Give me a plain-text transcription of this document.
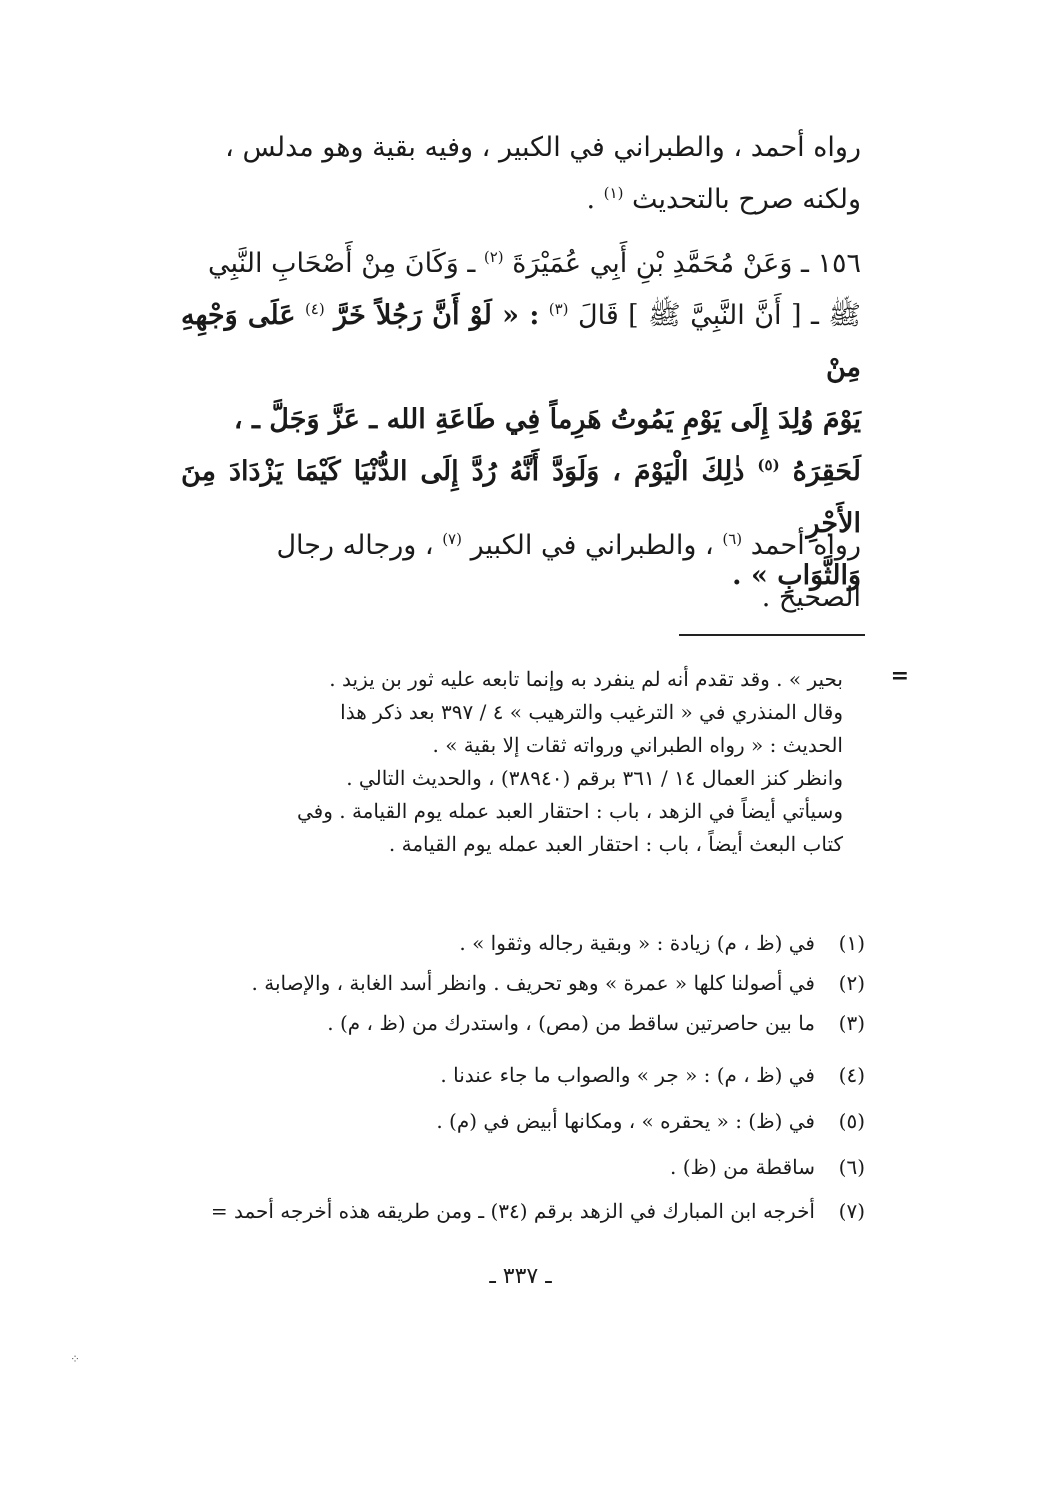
رواه أحمد ، والطبراني في الكبير ، وفيه بقية وهو مدلس ،

ولكنه صرح بالتحديث $^{(١)}$ .

١٥٦ ـ وَعَنْ مُحَمَّدِ بْنِ أَبِي عُمَيْرَةَ $^{(٢)}$ ـ وَكَانَ مِنْ أَصْحَابِ النَّبِي

ﷺ ـ [ أَنَّ النَّبِيَّ ﷺ ] قَالَ $^{(٣)}$ : « لَوْ أَنَّ رَجُلاً خَرَّ $^{(٤)}$ عَلَى وَجْهِهِ مِنْ

يَوْمَ وُلِدَ إِلَى يَوْمِ يَمُوتُ هَرِماً فِي طَاعَةِ الله ـ عَزَّ وَجَلَّ ـ ،

لَحَقِرَهُ $^{(٥)}$ ذٰلِكَ الْيَوْمَ ، وَلَوَدَّ أَنَّهُ رُدَّ إِلَى الدُّنْيَا كَيْمَا يَزْدَادَ مِنَ الأَجْرِ

وَالثَّوَابِ » .

رواه أحمد $^{(٦)}$ ، والطبراني في الكبير $^{(٧)}$ ، ورجاله رجال

الصحيح .

=
بحير » . وقد تقدم أنه لم ينفرد به وإنما تابعه عليه ثور بن يزيد .
وقال المنذري في « الترغيب والترهيب » ٤ / ٣٩٧ بعد ذكر هذا
الحديث : « رواه الطبراني ورواته ثقات إلا بقية » .
وانظر كنز العمال ١٤ / ٣٦١ برقم (٣٨٩٤٠) ، والحديث التالي .
وسيأتي أيضاً في الزهد ، باب : احتقار العبد عمله يوم القيامة . وفي
كتاب البعث أيضاً ، باب : احتقار العبد عمله يوم القيامة .
(١)
في (ظ ، م) زيادة : « وبقية رجاله وثقوا » .
(٢)
في أصولنا كلها « عمرة » وهو تحريف . وانظر أسد الغابة ، والإصابة .
(٣)
ما بين حاصرتين ساقط من (مص) ، واستدرك من (ظ ، م) .
(٤)
في (ظ ، م) : « جر » والصواب ما جاء عندنا .
(٥)
في (ظ) : « يحقره » ، ومكانها أبيض في (م) .
(٦)
ساقطة من (ظ) .
(٧)
أخرجه ابن المبارك في الزهد برقم (٣٤) ـ ومن طريقه هذه أخرجه أحمد =
ـ ٣٣٧ ـ
⁘
